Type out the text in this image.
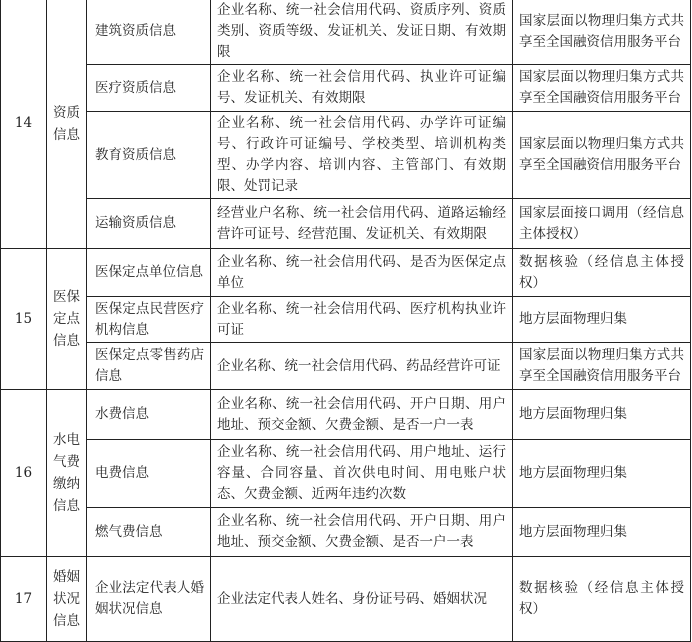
14	资质信息	建筑资质信息	企业名称、统一社会信用代码、资质序列、资质类别、资质等级、发证机关、发证日期、有效期限	国家层面以物理归集方式共享至全国融资信用服务平台
		医疗资质信息	企业名称、统一社会信用代码、执业许可证编号、发证机关、有效期限	国家层面以物理归集方式共享至全国融资信用服务平台
		教育资质信息	企业名称、统一社会信用代码、办学许可证编号、行政许可证编号、学校类型、培训机构类型、办学内容、培训内容、主管部门、有效期限、处罚记录	国家层面以物理归集方式共享至全国融资信用服务平台
		运输资质信息	经营业户名称、统一社会信用代码、道路运输经营许可证号、经营范围、发证机关、有效期限	国家层面接口调用（经信息主体授权）
15	医保定点信息	医保定点单位信息	企业名称、统一社会信用代码、是否为医保定点单位	数据核验（经信息主体授权）
		医保定点民营医疗机构信息	企业名称、统一社会信用代码、医疗机构执业许可证	地方层面物理归集
		医保定点零售药店信息	企业名称、统一社会信用代码、药品经营许可证	国家层面以物理归集方式共享至全国融资信用服务平台
16	水电气费缴纳信息	水费信息	企业名称、统一社会信用代码、开户日期、用户地址、预交金额、欠费金额、是否一户一表	地方层面物理归集
		电费信息	企业名称、统一社会信用代码、用户地址、运行容量、合同容量、首次供电时间、用电账户状态、欠费金额、近两年违约次数	地方层面物理归集
		燃气费信息	企业名称、统一社会信用代码、开户日期、用户地址、预交金额、欠费金额、是否一户一表	地方层面物理归集
17	婚姻状况信息	企业法定代表人婚姻状况信息	企业法定代表人姓名、身份证号码、婚姻状况	数据核验（经信息主体授权）
